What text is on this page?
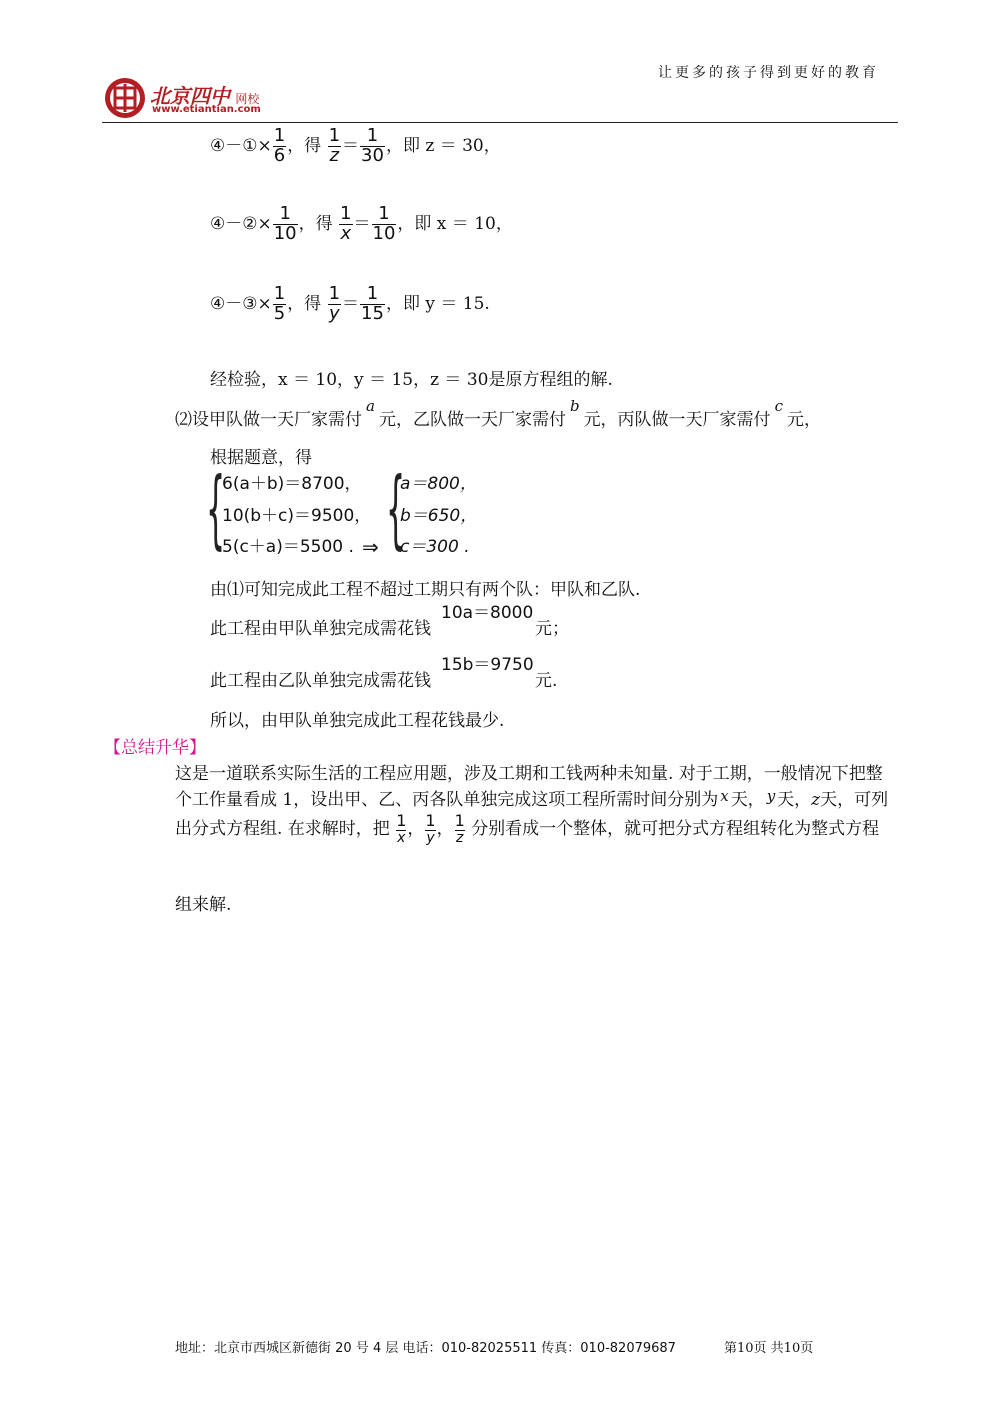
北京四中 网校
www.etiantian.com
让更多的孩子得到更好的教育
④－①× $\frac{1}{6}$ ，得 $\frac{1}{z} = \frac{1}{30}$ ，即 z ＝ 30，
④－②× $\frac{1}{10}$ ，得 $\frac{1}{x} = \frac{1}{10}$ ，即 x ＝ 10，
④－③× $\frac{1}{5}$ ，得 $\frac{1}{y} = \frac{1}{15}$ ，即 y ＝ 15.
经检验，x ＝ 10，y ＝ 15，z ＝ 30是原方程组的解.
⑵设甲队做一天厂家需付a元，乙队做一天厂家需付b元，丙队做一天厂家需付c元，
根据题意，得
{
6(a＋b)＝8700，
10(b＋c)＝9500，
5(c＋a)＝5500 . ⇒ {
a＝800，
b＝650，
c＝300 .
由⑴可知完成此工程不超过工期只有两个队：甲队和乙队.
此工程由甲队单独完成需花钱
10a＝8000
元；
此工程由乙队单独完成需花钱
15b＝9750
元.
所以，由甲队单独完成此工程花钱最少.
【总结升华】
这是一道联系实际生活的工程应用题，涉及工期和工钱两种未知量. 对于工期，一般情况下把整
个工作量看成 1，设出甲、乙、丙各队单独完成这项工程所需时间分别为 x 天， y 天，z天，可列
出分式方程组. 在求解时，把 $\frac{1}{x}$ ， $\frac{1}{y}$ ， $\frac{1}{z}$ 分别看成一个整体，就可把分式方程组转化为整式方程
组来解.
地址：北京市西城区新德街 20 号 4 层 电话：010-82025511 传真：010-82079687	第10页 共10页
